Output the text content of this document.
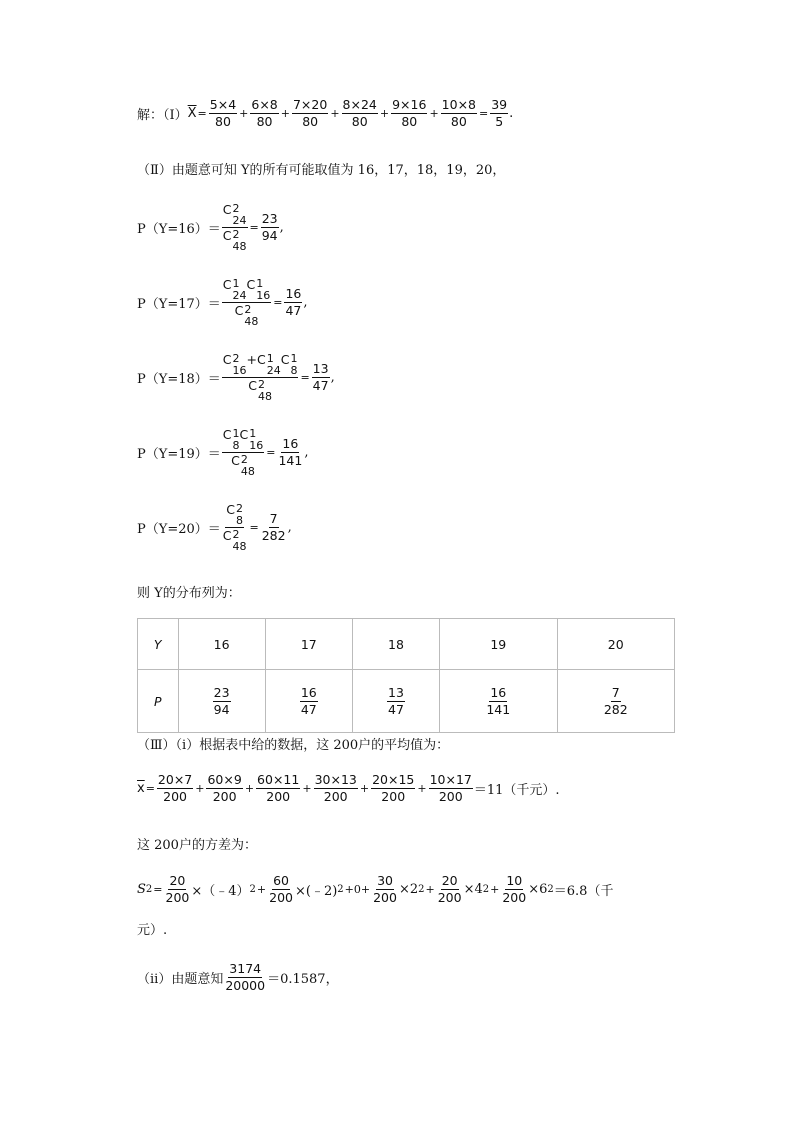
解：（Ⅰ） $\overline{X} = \frac{5\times 4}{80} + \frac{6\times 8}{80} + \frac{7\times 20}{80} + \frac{8\times 24}{80} + \frac{9\times 16}{80} + \frac{10\times 8}{80} = \frac{39}{5}$ .
（Ⅱ）由题意可知 Y的所有可能取值为 16，17，18，19，20，
P（Y=16）＝ C 2
24
C 2
$48 = \frac{23}{94}$ ,
P（Y=17）＝ C 1
24
C 1
16
C 2
$48 = \frac{16}{47}$ ,
P（Y=18）＝ C 2
16
+C 1
24
C 1
8
C 2
$48 = \frac{13}{47}$ ,
P（Y=19）＝ C 1
8
C 1
16
C 2
$48 = \frac{16}{141}$ ,
P（Y=20）＝ C 2
8
C 2
$48 = \frac{7}{282}$ ,
则 Y的分布列为：
Y	16	17	18	19	20
P	$\frac{23}{94}$	$\frac{16}{47}$	$\frac{13}{47}$	$\frac{16}{141}$	$\frac{7}{282}$
（Ⅲ）（i）根据表中给的数据，这 200户的平均值为：
$\overline{x} = \frac{20\times 7}{200} + \frac{60\times 9}{200} + \frac{60\times 11}{200} + \frac{30\times 13}{200} + \frac{20\times 15}{200} + \frac{10\times 17}{200} =11$（千元）.
这 200户的方差为：
S $2 = \frac{20}{200}$ ×（﹣4） $2 + \frac{60}{200}$ ×(﹣2) $2 +0+ \frac{30}{200} \times 2$ $2 + \frac{20}{200} \times 4$ $2 + \frac{10}{200} \times 6$ 2 ＝6.8（千
元）.
（ii）由题意知 $\frac{3174}{20000} =0.1587$，
